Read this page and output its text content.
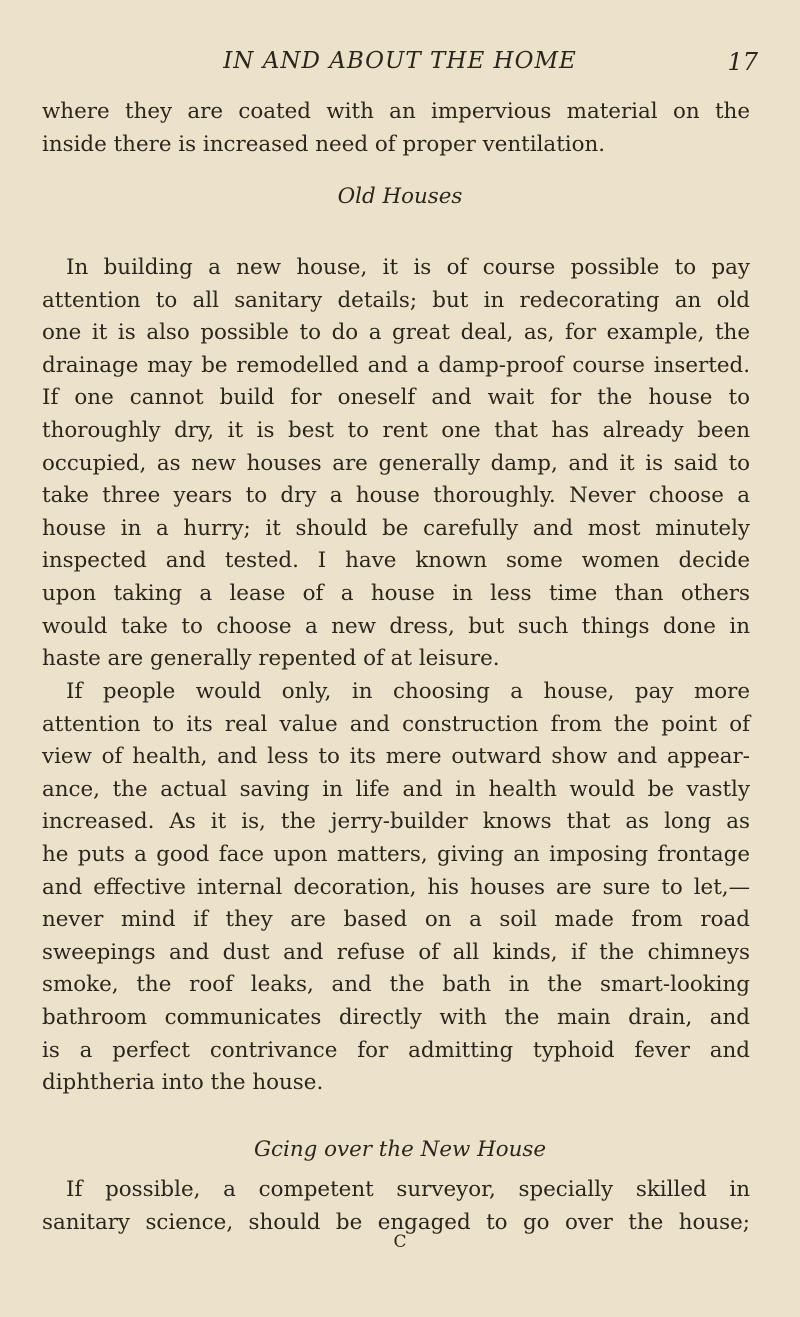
IN AND ABOUT THE HOME	17
where they are coated with an impervious material on the
inside there is increased need of proper ventilation.
Old Houses
In building a new house, it is of course possible to pay
attention to all sanitary details; but in redecorating an old
one it is also possible to do a great deal, as, for example, the
drainage may be remodelled and a damp-proof course inserted.
If one cannot build for oneself and wait for the house to
thoroughly dry, it is best to rent one that has already been
occupied, as new houses are generally damp, and it is said to
take three years to dry a house thoroughly. Never choose a
house in a hurry; it should be carefully and most minutely
inspected and tested. I have known some women decide
upon taking a lease of a house in less time than others
would take to choose a new dress, but such things done in
haste are generally repented of at leisure.
If people would only, in choosing a house, pay more
attention to its real value and construction from the point of
view of health, and less to its mere outward show and appear-
ance, the actual saving in life and in health would be vastly
increased. As it is, the jerry-builder knows that as long as
he puts a good face upon matters, giving an imposing frontage
and effective internal decoration, his houses are sure to let,—
never mind if they are based on a soil made from road
sweepings and dust and refuse of all kinds, if the chimneys
smoke, the roof leaks, and the bath in the smart-looking
bathroom communicates directly with the main drain, and
is a perfect contrivance for admitting typhoid fever and
diphtheria into the house.
Gcing over the New House
If possible, a competent surveyor, specially skilled in
sanitary science, should be engaged to go over the house;
C
